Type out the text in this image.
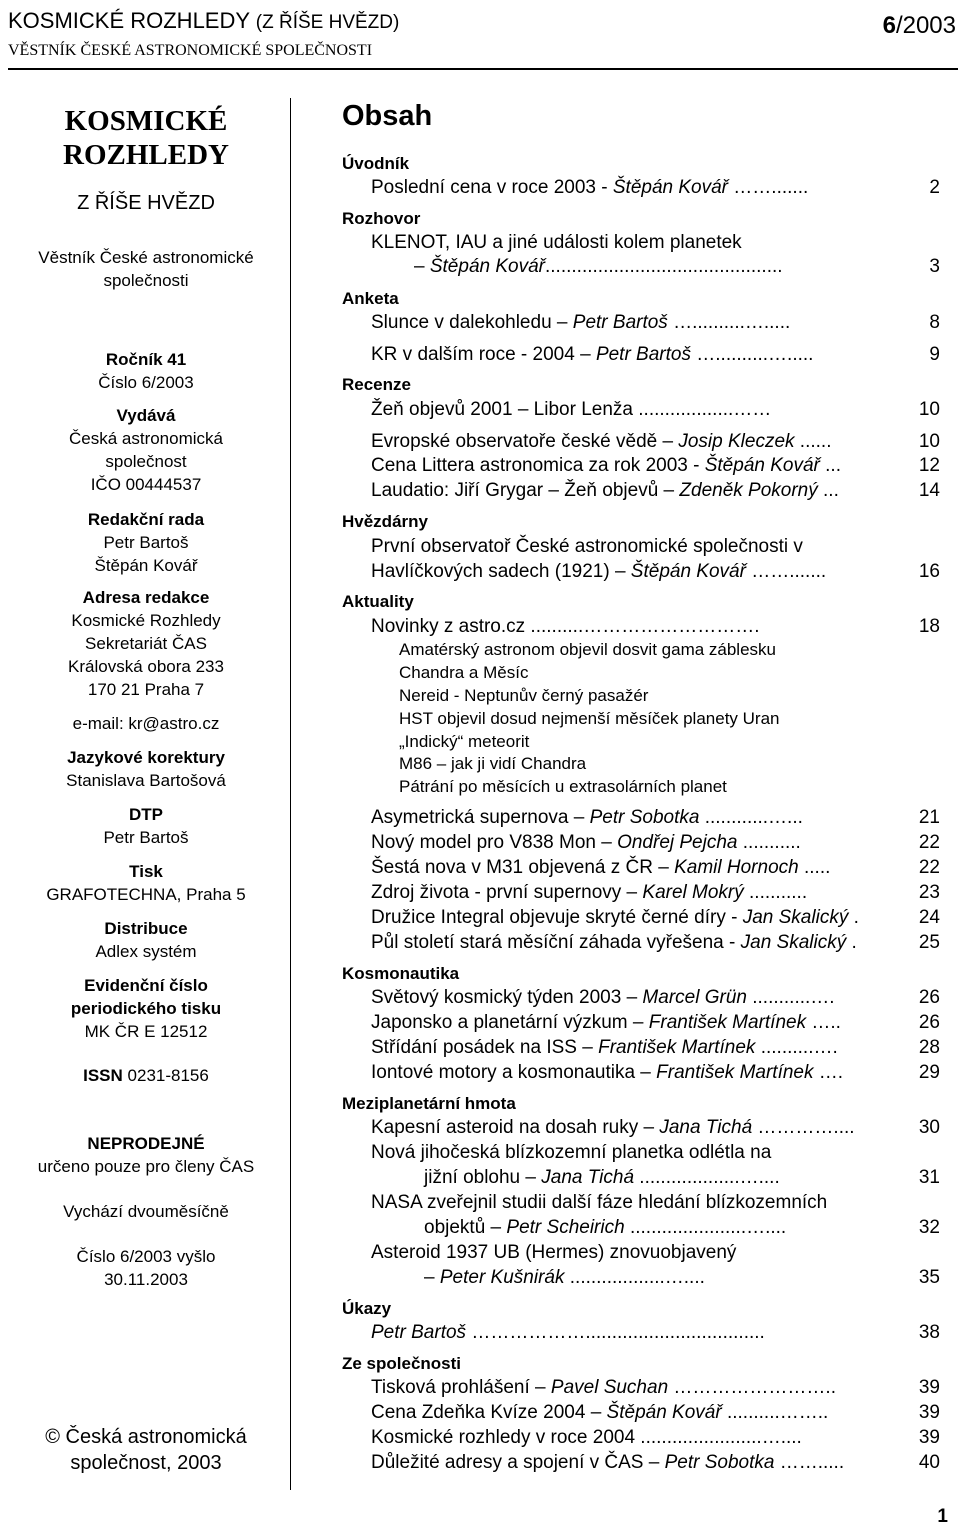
KOSMICKÉ ROZHLEDY (Z ŘÍŠE HVĚZD)
VĚSTNÍK ČESKÉ ASTRONOMICKÉ SPOLEČNOSTI
6/2003
KOSMICKÉ
ROZHLEDY
Z ŘÍŠE HVĚZD
Věstník České astronomické
společnosti
Ročník 41
Číslo 6/2003
Vydává
Česká astronomická
společnost
IČO 00444537
Redakční rada
Petr Bartoš
Štěpán Kovář
Adresa redakce
Kosmické Rozhledy
Sekretariát ČAS
Královská obora 233
170 21 Praha 7
e-mail: kr@astro.cz
Jazykové korektury
Stanislava Bartošová
DTP
Petr Bartoš
Tisk
GRAFOTECHNA, Praha 5
Distribuce
Adlex systém
Evidenční číslo
periodického tisku
MK ČR E 12512
ISSN 0231-8156
NEPRODEJNÉ
určeno pouze pro členy ČAS
Vychází dvouměsíčně
Číslo 6/2003 vyšlo
30.11.2003
© Česká astronomická
společnost, 2003
Obsah
Úvodník
Poslední cena v roce 2003 - Štěpán Kovář …….......	2
Rozhovor
KLENOT, IAU a jiné události kolem planetek
– Štěpán Kovář.............................................	3
Anketa
Slunce v dalekohledu – Petr Bartoš …..........….....	8
KR v dalším roce - 2004 – Petr Bartoš …..........….....	9
Recenze
Žeň objevů 2001 – Libor Lenža ..................……	10
Evropské observatoře české vědě – Josip Kleczek ......	10
Cena Littera astronomica za rok 2003 - Štěpán Kovář ...	12
Laudatio: Jiří Grygar – Žeň objevů – Zdeněk Pokorný ...	14
Hvězdárny
První observatoř České astronomické společnosti v
Havlíčkových sadech (1921) – Štěpán Kovář …….......	16
Aktuality
Novinky z astro.cz ..........……………………….	18
Amatérský astronom objevil dosvit gama záblesku
Chandra a Měsíc
Nereid - Neptunův černý pasažér
HST objevil dosud nejmenší měsíček planety Uran
„Indický“ meteorit
M86 – jak ji vidí Chandra
Pátrání po měsících u extrasolárních planet
Asymetrická supernova – Petr Sobotka ............…...	21
Nový model pro V838 Mon – Ondřej Pejcha ...........	22
Šestá nova v M31 objevená z ČR – Kamil Hornoch .....	22
Zdroj života - první supernovy – Karel Mokrý ...........	23
Družice Integral objevuje skryté černé díry - Jan Skalický .	24
Půl století stará měsíční záhada vyřešena - Jan Skalický .	25
Kosmonautika
Světový kosmický týden 2003 – Marcel Grün ...........….	26
Japonsko a planetární výzkum – František Martínek …..	26
Střídání posádek na ISS – František Martínek ..........….	28
Iontové motory a kosmonautika – František Martínek ….	29
Meziplanetární hmota
Kapesní asteroid na dosah ruky – Jana Tichá …………....	30
Nová jihočeská blízkozemní planetka odlétla na
jižní oblohu – Jana Tichá ...................…....	31
NASA zveřejnil studii další fáze hledání blízkozemních
objektů – Petr Scheirich ......................…....	32
Asteroid 1937 UB (Hermes) znovuobjavený
– Peter Kušnirák ..................…....	35
Úkazy
Petr Bartoš ………………..................................	38
Ze společnosti
Tisková prohlášení – Pavel Suchan ……………………..	39
Cena Zdeňka Kvíze 2004 – Štěpán Kovář ..........……..	39
Kosmické rozhledy v roce 2004 .......................…....	39
Důležité adresy a spojení v ČAS – Petr Sobotka …….....	40
1
